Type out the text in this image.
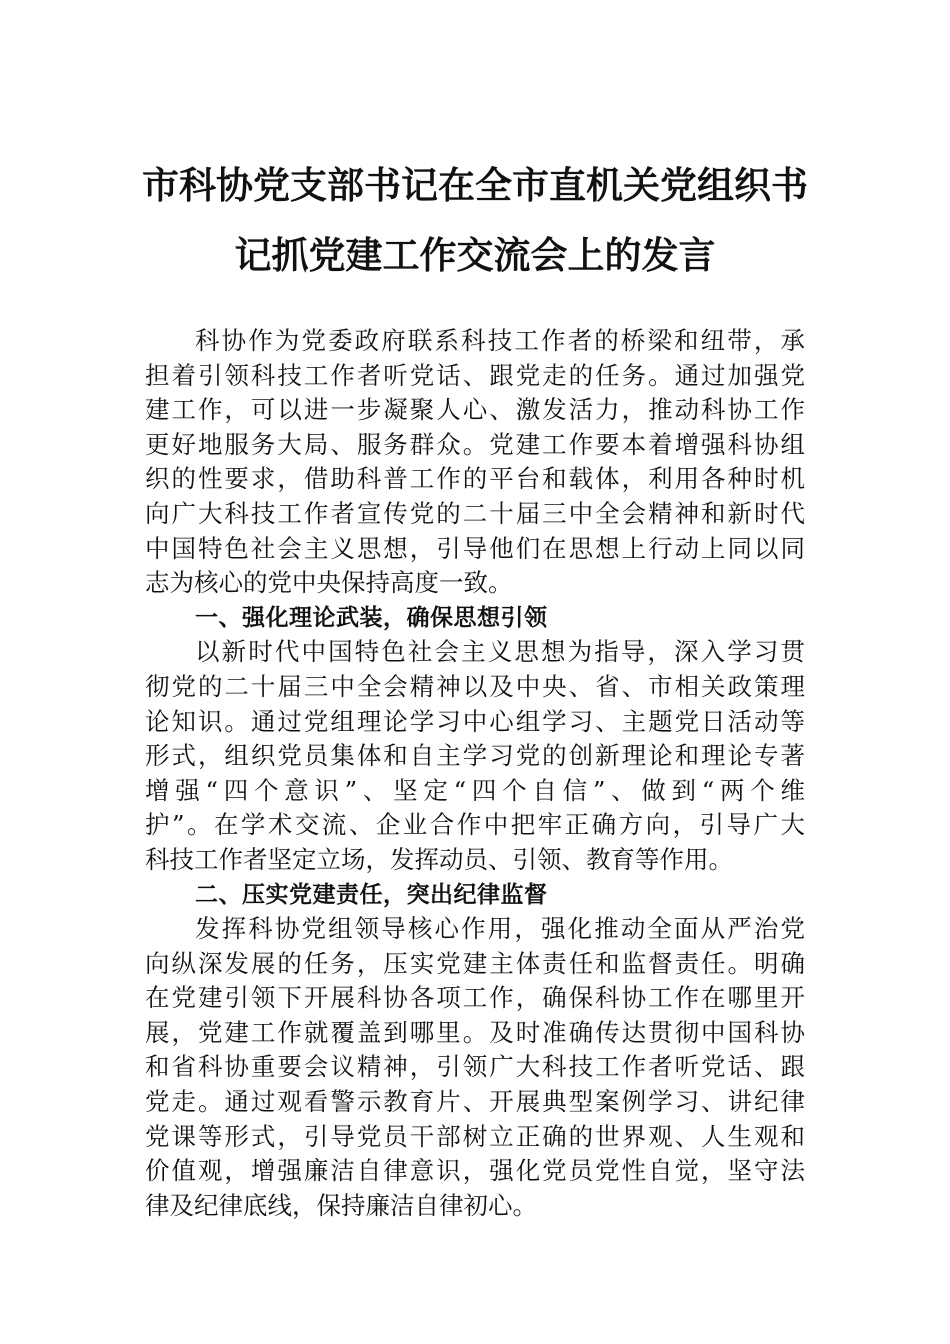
市科协党支部书记在全市直机关党组织书
记抓党建工作交流会上的发言
科协作为党委政府联系科技工作者的桥梁和纽带，承
担着引领科技工作者听党话、跟党走的任务。通过加强党
建工作，可以进一步凝聚人心、激发活力，推动科协工作
更好地服务大局、服务群众。党建工作要本着增强科协组
织的性要求，借助科普工作的平台和载体，利用各种时机
向广大科技工作者宣传党的二十届三中全会精神和新时代
中国特色社会主义思想，引导他们在思想上行动上同以同
志为核心的党中央保持高度一致。
一、强化理论武装，确保思想引领
以新时代中国特色社会主义思想为指导，深入学习贯
彻党的二十届三中全会精神以及中央、省、市相关政策理
论知识。通过党组理论学习中心组学习、主题党日活动等
形式，组织党员集体和自主学习党的创新理论和理论专著
增强“四个意识”、坚定“四个自信”、做到“两个维
护”。在学术交流、企业合作中把牢正确方向，引导广大
科技工作者坚定立场，发挥动员、引领、教育等作用。
二、压实党建责任，突出纪律监督
发挥科协党组领导核心作用，强化推动全面从严治党
向纵深发展的任务，压实党建主体责任和监督责任。明确
在党建引领下开展科协各项工作，确保科协工作在哪里开
展，党建工作就覆盖到哪里。及时准确传达贯彻中国科协
和省科协重要会议精神，引领广大科技工作者听党话、跟
党走。通过观看警示教育片、开展典型案例学习、讲纪律
党课等形式，引导党员干部树立正确的世界观、人生观和
价值观，增强廉洁自律意识，强化党员党性自觉，坚守法
律及纪律底线，保持廉洁自律初心。
